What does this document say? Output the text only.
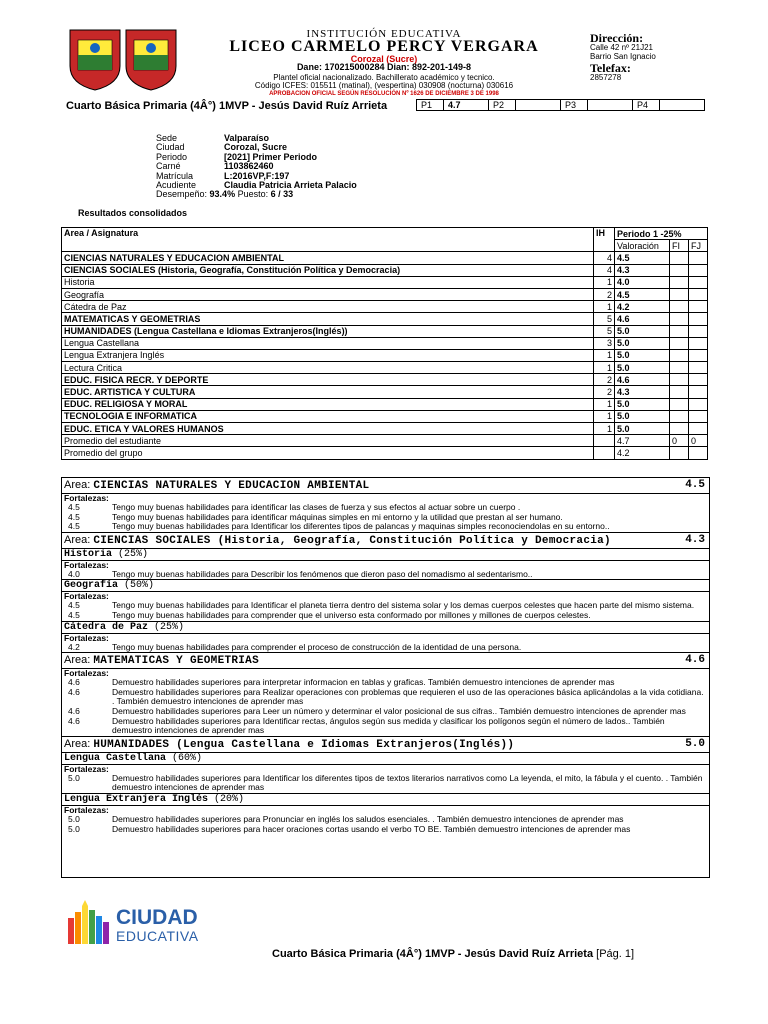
INSTITUCIÓN EDUCATIVA
LICEO CARMELO PERCY VERGARA
Corozal (Sucre)
Dane: 170215000284 Dian: 892-201-149-8
Plantel oficial nacionalizado. Bachillerato académico y tecnico.
Código ICFES: 015511 (matinal), (vespertina) 030908 (nocturna) 030616
APROBACION OFICIAL SEGÚN RESOLUCIÓN Nº 1626 DE DICIEMBRE 3 DE 1998
Dirección:
Calle 42 nº 21J21
Barrio San Ignacio
Telefax:
2857278
Cuarto Básica Primaria (4Â°) 1MVP - Jesús David Ruíz Arrieta	P1	4.7	P2		P3		P4	
Sede	Valparaíso
Ciudad	Corozal, Sucre
Periodo	[2021] Primer Periodo
Carné	1103862460
Matrícula	L:2016VP,F:197
Acudiente	Claudia Patricia Arrieta Palacio
Desempeño: 93.4% Puesto: 6 / 33	
Resultados consolidados
Area / Asignatura	IH	Periodo 1 -25%		
		Valoración	FI	FJ
CIENCIAS NATURALES Y EDUCACION AMBIENTAL	4	4.5		
CIENCIAS SOCIALES (Historia, Geografía, Constitución Política y Democracia)	4	4.3		
Historia	1	4.0		
Geografía	2	4.5		
Cátedra de Paz	1	4.2		
MATEMATICAS Y GEOMETRIAS	5	4.6		
HUMANIDADES (Lengua Castellana e Idiomas Extranjeros(Inglés))	5	5.0		
Lengua Castellana	3	5.0		
Lengua Extranjera Inglés	1	5.0		
Lectura Critica	1	5.0		
EDUC. FISICA RECR. Y DEPORTE	2	4.6		
EDUC. ARTISTICA Y CULTURA	2	4.3		
EDUC. RELIGIOSA Y MORAL	1	5.0		
TECNOLOGIA E INFORMATICA	1	5.0		
EDUC. ETICA Y VALORES HUMANOS	1	5.0		
Promedio del estudiante		4.7	0	0
Promedio del grupo		4.2		
Area: CIENCIAS NATURALES Y EDUCACION AMBIENTAL	4.5
Fortalezas:
4.5	Tengo muy buenas habilidades para identificar las clases de fuerza y sus efectos al actuar sobre un cuerpo .
4.5	Tengo muy buenas habilidades para identificar máquinas simples en mi entorno y la utilidad que prestan al ser humano.
4.5	Tengo muy buenas habilidades para Identificar los diferentes tipos de palancas y maquinas simples reconociendolas en su entorno..
Area: CIENCIAS SOCIALES (Historia, Geografía, Constitución Política y Democracia)	4.3
Historia (25%)
Fortalezas:
4.0	Tengo muy buenas habilidades para Describir los fenómenos que dieron paso del nomadismo al sedentarismo..
Geografía (50%)
Fortalezas:
4.5	Tengo muy buenas habilidades para Identificar el planeta tierra dentro del sistema solar y los demas cuerpos celestes que hacen parte del mismo sistema.
4.5	Tengo muy buenas habilidades para comprender que el universo esta conformado por millones y millones de cuerpos celestes.
Cátedra de Paz (25%)
Fortalezas:
4.2	Tengo muy buenas habilidades para comprender el proceso de construcción de la identidad de una persona.
Area: MATEMATICAS Y GEOMETRIAS	4.6
Fortalezas:
4.6	Demuestro habilidades superiores para interpretar informacion en tablas y graficas. También demuestro intenciones de aprender mas
4.6	Demuestro habilidades superiores para Realizar operaciones con problemas que requieren el uso de las operaciones básica aplicándolas a la vida cotidiana. . También demuestro intenciones de aprender mas
4.6	Demuestro habilidades superiores para Leer un número y determinar el valor posicional de sus cifras.. También demuestro intenciones de aprender mas
4.6	Demuestro habilidades superiores para Identificar rectas, ángulos según sus medida y clasificar los polígonos según el número de lados.. También demuestro intenciones de aprender mas
Area: HUMANIDADES (Lengua Castellana e Idiomas Extranjeros(Inglés))	5.0
Lengua Castellana (60%)
Fortalezas:
5.0	Demuestro habilidades superiores para Identificar los diferentes tipos de textos literarios narrativos como La leyenda, el mito, la fábula y el cuento. . También demuestro intenciones de aprender mas
Lengua Extranjera Inglés (20%)
Fortalezas:
5.0	Demuestro habilidades superiores para Pronunciar en inglés los saludos esenciales. . También demuestro intenciones de aprender mas
5.0	Demuestro habilidades superiores para hacer oraciones cortas usando el verbo TO BE. También demuestro intenciones de aprender mas
CIUDAD
EDUCATIVA
Cuarto Básica Primaria (4Â°) 1MVP - Jesús David Ruíz Arrieta [Pág. 1]
